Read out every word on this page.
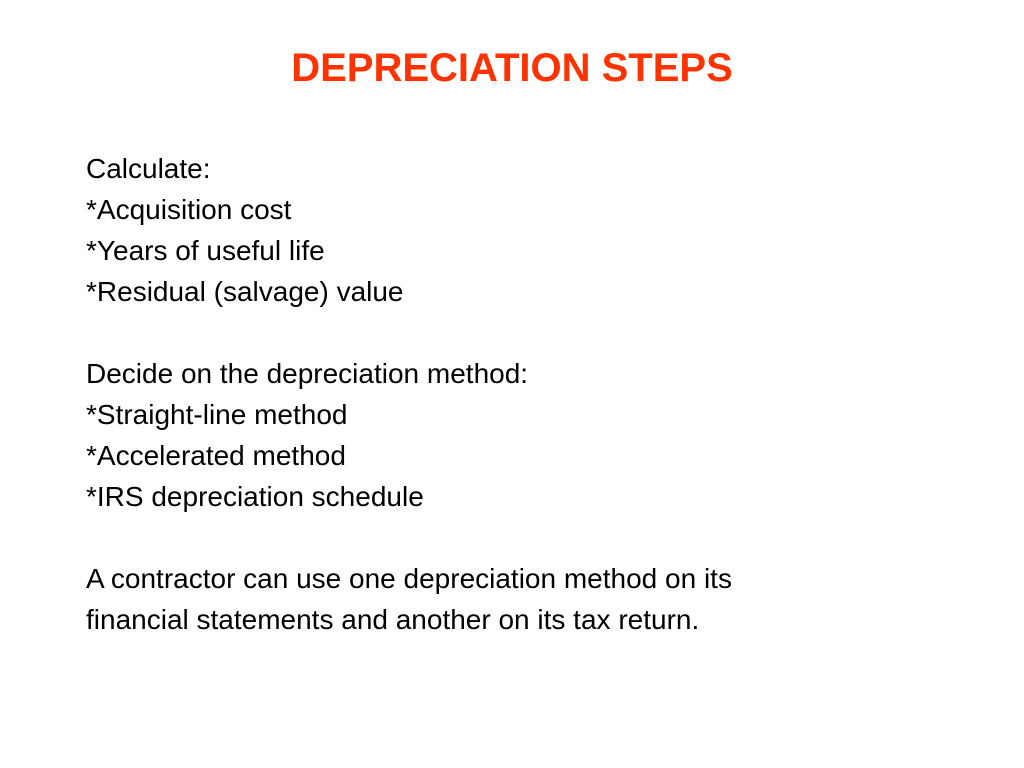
DEPRECIATION STEPS
Calculate:
*Acquisition cost
*Years of useful life
*Residual (salvage) value
Decide on the depreciation method:
*Straight-line method
*Accelerated method
*IRS depreciation schedule
A contractor can use one depreciation method on its
financial statements and another on its tax return.
